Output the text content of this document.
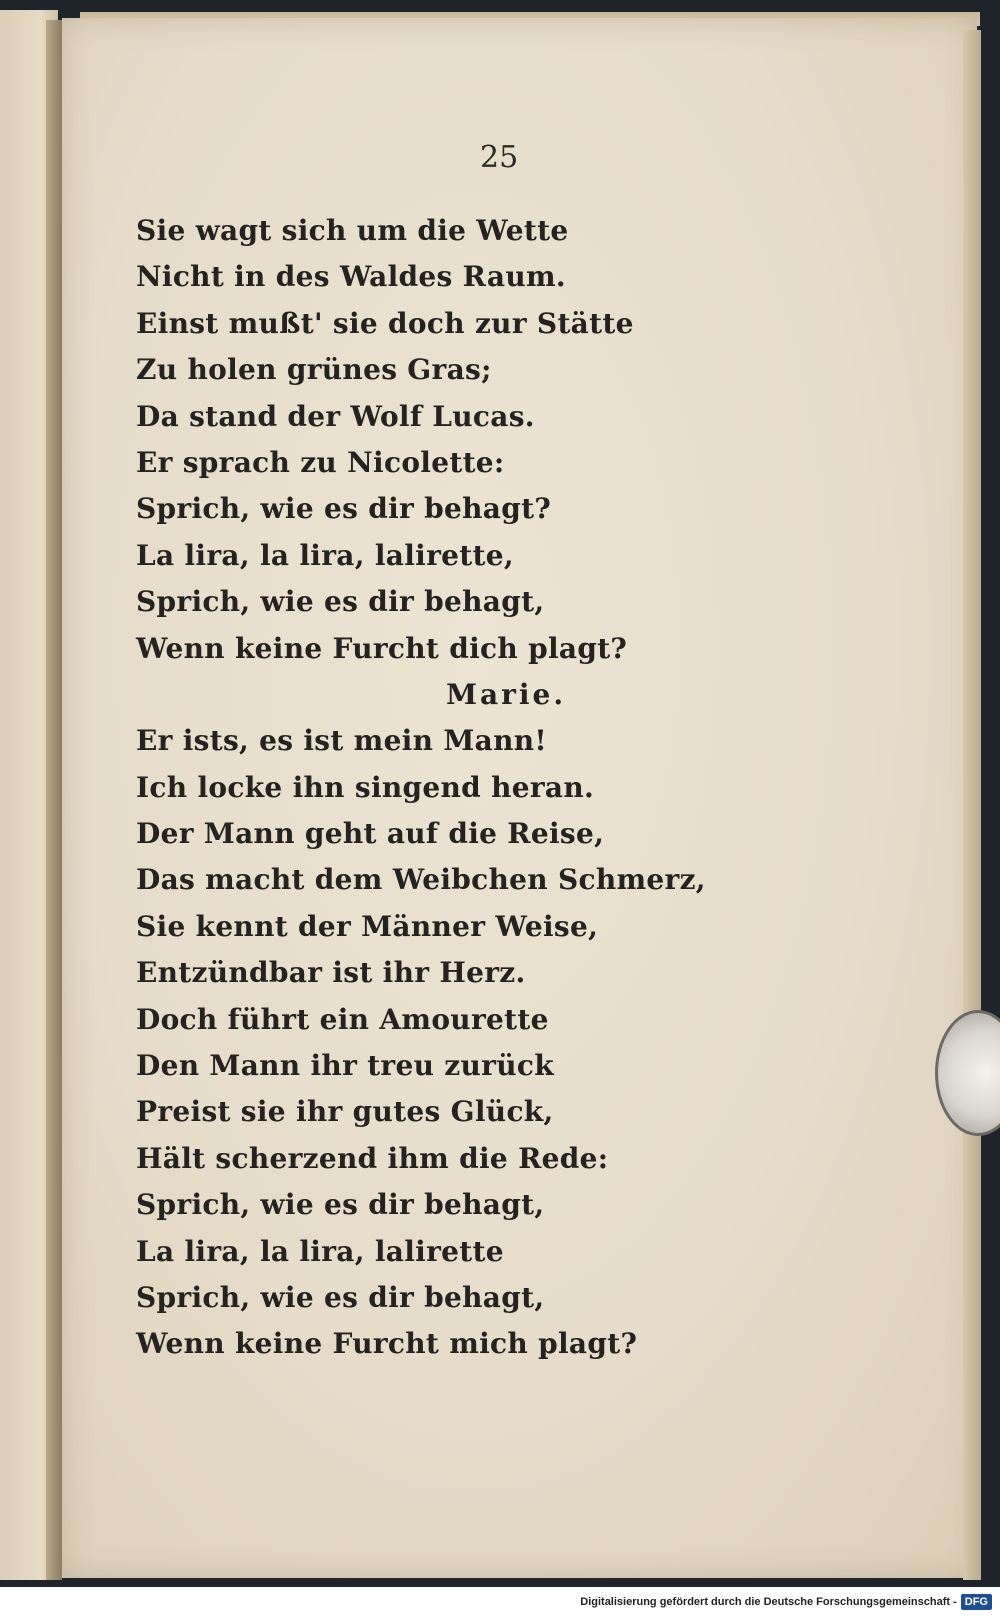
25

Sie wagt sich um die Wette
Nicht in des Waldes Raum.
Einst mußt' sie doch zur Stätte
Zu holen grünes Gras;
Da stand der Wolf Lucas.
Er sprach zu Nicolette:
Sprich, wie es dir behagt?
La lira, la lira, lalirette,
Sprich, wie es dir behagt,
Wenn keine Furcht dich plagt?
Marie.
Er ists, es ist mein Mann!
Ich locke ihn singend heran.
Der Mann geht auf die Reise,
Das macht dem Weibchen Schmerz,
Sie kennt der Männer Weise,
Entzündbar ist ihr Herz.
Doch führt ein Amourette
Den Mann ihr treu zurück
Preist sie ihr gutes Glück,
Hält scherzend ihm die Rede:
Sprich, wie es dir behagt,
La lira, la lira, lalirette
Sprich, wie es dir behagt,
Wenn keine Furcht mich plagt?
Digitalisierung gefördert durch die Deutsche Forschungsgemeinschaft - DFG
